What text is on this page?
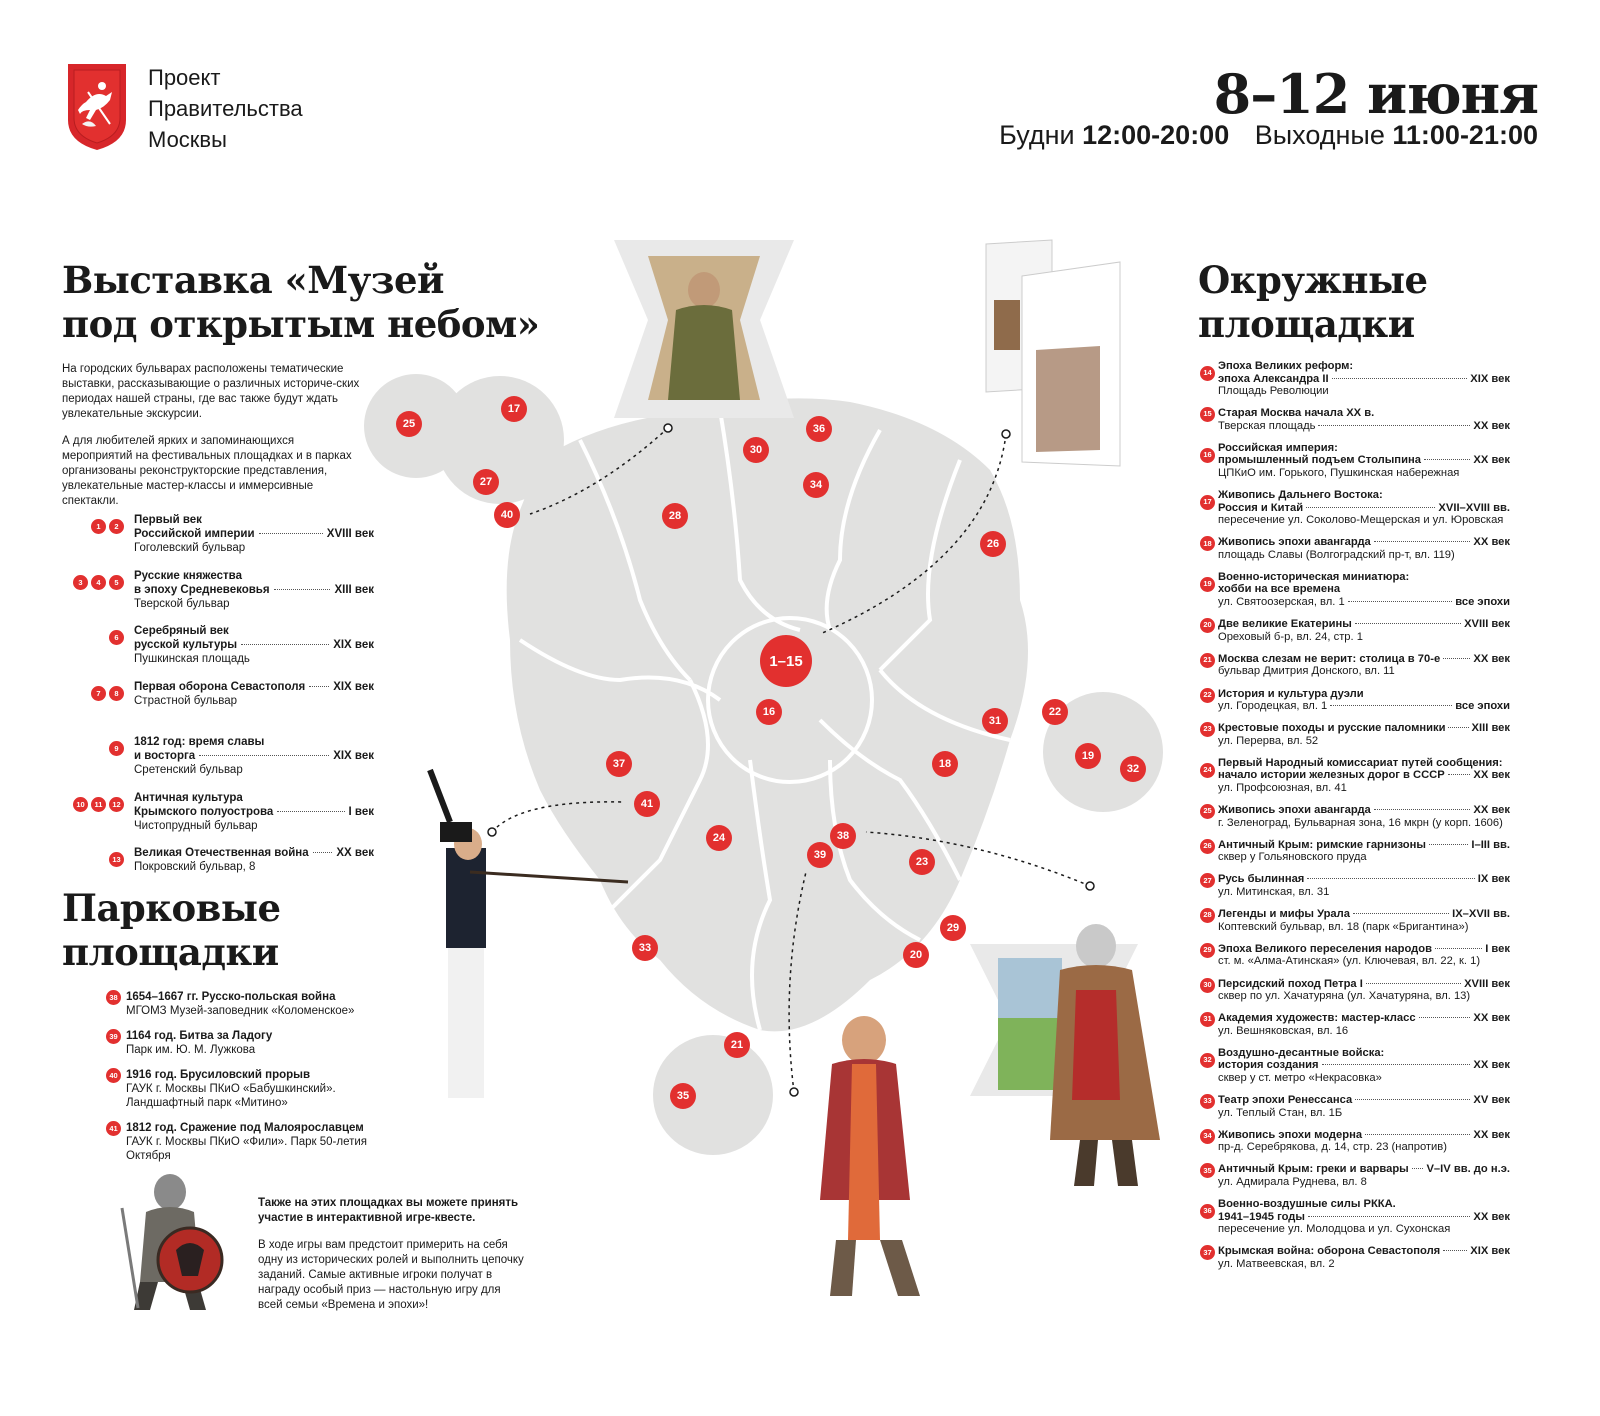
Проект
Правительства
Москвы
8–12 июня
Будни 12:00-20:00 Выходные 11:00-21:00
Выставка «Музей
под открытым небом»

На городских бульварах расположены тематические выставки, рассказывающие о различных историче-ских периодах нашей страны, где вас также будут ждать увлекательные экскурсии.

А для любителей ярких и запоминающихся мероприятий на фестивальных площадках и в парках организованы реконструкторские представления, увлекательные мастер-классы и иммерсивные спектакли.

1	2
Первый век
Российской империи	XVIII век
Гоголевский бульвар
3	4	5
Русские княжества
в эпоху Средневековья	XIII век
Тверской бульвар
6
Серебряный век
русской культуры	XIX век
Пушкинская площадь
7	8
Первая оборона Севастополя XIX век
Страстной бульвар
9
1812 год: время славы
и восторга	XIX век
Сретенский бульвар
10	11	12
Античная культура
Крымского полуострова	I век
Чистопрудный бульвар
13
Великая Отечественная война XX век
Покровский бульвар, 8
Парковые
площадки
38 1654–1667 гг. Русско-польская война
МГОМЗ Музей-заповедник «Коломенское»
39 1164 год. Битва за Ладогу
Парк им. Ю. М. Лужкова
40 1916 год. Брусиловский прорыв
ГАУК г. Москвы ПКиО «Бабушкинский». Ландшафтный парк «Митино»
41 1812 год. Сражение под Малоярославцем
ГАУК г. Москвы ПКиО «Фили». Парк 50-летия Октября
Также на этих площадках вы можете принять участие в интерактивной игре-квесте.
В ходе игры вам предстоит примерить на себя одну из исторических ролей и выполнить цепочку заданий. Самые активные игроки получат в награду особый приз — настольную игру для всей семьи «Времена и эпохи»!
1–15
25
17
27
40
30
36
34
28
26
16	22
31
19
32
18
37
41
24	38
39
23
29
33
20
21
35
Окружные
площадки
14
Эпоха Великих реформ:
эпоха Александра II	XIX век
Площадь Революции
15 Старая Москва начала XX в.
Тверская площадь	XX век
16
Российская империя:
промышленный подъем Столыпина	XX век
ЦПКиО им. Горького, Пушкинская набережная
17
Живопись Дальнего Востока:
Россия и Китай	XVII–XVIII вв.
пересечение ул. Соколово-Мещерская и ул. Юровская
18 Живопись эпохи авангарда	XX век
площадь Славы (Волгоградский пр-т, вл. 119)
19
Военно-историческая миниатюра:
хобби на все времена
ул. Святоозерская, вл. 1	все эпохи
20 Две великие Екатерины	XVIII век
Ореховый б-р, вл. 24, стр. 1
21 Москва слезам не верит: столица в 70-е	XX век
бульвар Дмитрия Донского, вл. 11
22 История и культура дуэли
ул. Городецкая, вл. 1	все эпохи
23 Крестовые походы и русские паломники XIII век
ул. Перерва, вл. 52
24
Первый Народный комиссариат путей сообщения:
начало истории железных дорог в СССР	XX век
ул. Профсоюзная, вл. 41
25 Живопись эпохи авангарда	XX век
г. Зеленоград, Бульварная зона, 16 мкрн (у корп. 1606)
26 Античный Крым: римские гарнизоны	I–III вв.
сквер у Гольяновского пруда
27 Русь былинная	IX век
ул. Митинская, вл. 31
28 Легенды и мифы Урала	IX–XVII вв.
Коптевский бульвар, вл. 18 (парк «Бригантина»)
29 Эпоха Великого переселения народов	I век
ст. м. «Алма-Атинская» (ул. Ключевая, вл. 22, к. 1)
30 Персидский поход Петра I	XVIII век
сквер по ул. Хачатуряна (ул. Хачатуряна, вл. 13)
31 Академия художеств: мастер-класс	XX век
ул. Вешняковская, вл. 16
32
Воздушно-десантные войска:
история создания	XX век
сквер у ст. метро «Некрасовка»
33 Театр эпохи Ренессанса	XV век
ул. Теплый Стан, вл. 1Б
34 Живопись эпохи модерна	XX век
пр-д. Серебрякова, д. 14, стр. 23 (напротив)
35 Античный Крым: греки и варвары V–IV вв. до н.э.
ул. Адмирала Руднева, вл. 8
36
Военно-воздушные силы РККА.
1941–1945 годы	XX век
пересечение ул. Молодцова и ул. Сухонская
37 Крымская война: оборона Севастополя	XIX век
ул. Матвеевская, вл. 2
